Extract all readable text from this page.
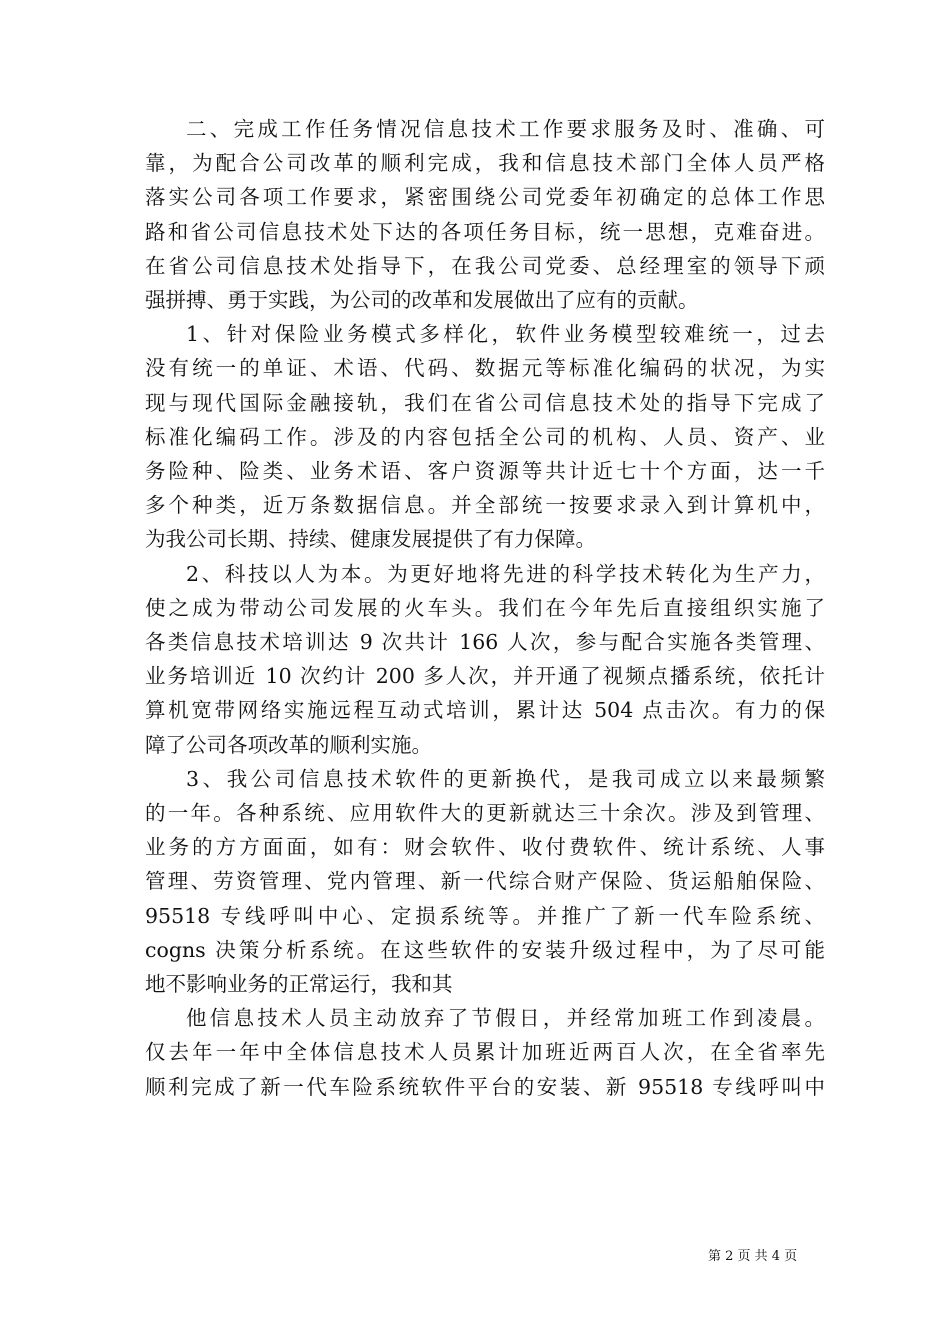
二、完成工作任务情况信息技术工作要求服务及时、准确、可
靠，为配合公司改革的顺利完成，我和信息技术部门全体人员严格
落实公司各项工作要求，紧密围绕公司党委年初确定的总体工作思
路和省公司信息技术处下达的各项任务目标，统一思想，克难奋进。
在省公司信息技术处指导下，在我公司党委、总经理室的领导下顽
强拼搏、勇于实践，为公司的改革和发展做出了应有的贡献。
1、针对保险业务模式多样化，软件业务模型较难统一，过去
没有统一的单证、术语、代码、数据元等标准化编码的状况，为实
现与现代国际金融接轨，我们在省公司信息技术处的指导下完成了
标准化编码工作。涉及的内容包括全公司的机构、人员、资产、业
务险种、险类、业务术语、客户资源等共计近七十个方面，达一千
多个种类，近万条数据信息。并全部统一按要求录入到计算机中，
为我公司长期、持续、健康发展提供了有力保障。
2、科技以人为本。为更好地将先进的科学技术转化为生产力，
使之成为带动公司发展的火车头。我们在今年先后直接组织实施了
各类信息技术培训达 9 次共计 166 人次，参与配合实施各类管理、
业务培训近 10 次约计 200 多人次，并开通了视频点播系统，依托计
算机宽带网络实施远程互动式培训，累计达 504 点击次。有力的保
障了公司各项改革的顺利实施。
3、我公司信息技术软件的更新换代，是我司成立以来最频繁
的一年。各种系统、应用软件大的更新就达三十余次。涉及到管理、
业务的方方面面，如有：财会软件、收付费软件、统计系统、人事
管理、劳资管理、党内管理、新一代综合财产保险、货运船舶保险、
95518 专线呼叫中心、定损系统等。并推广了新一代车险系统、
cogns 决策分析系统。在这些软件的安装升级过程中，为了尽可能
地不影响业务的正常运行，我和其
他信息技术人员主动放弃了节假日，并经常加班工作到凌晨。
仅去年一年中全体信息技术人员累计加班近两百人次，在全省率先
顺利完成了新一代车险系统软件平台的安装、新 95518 专线呼叫中
第 2 页 共 4 页
